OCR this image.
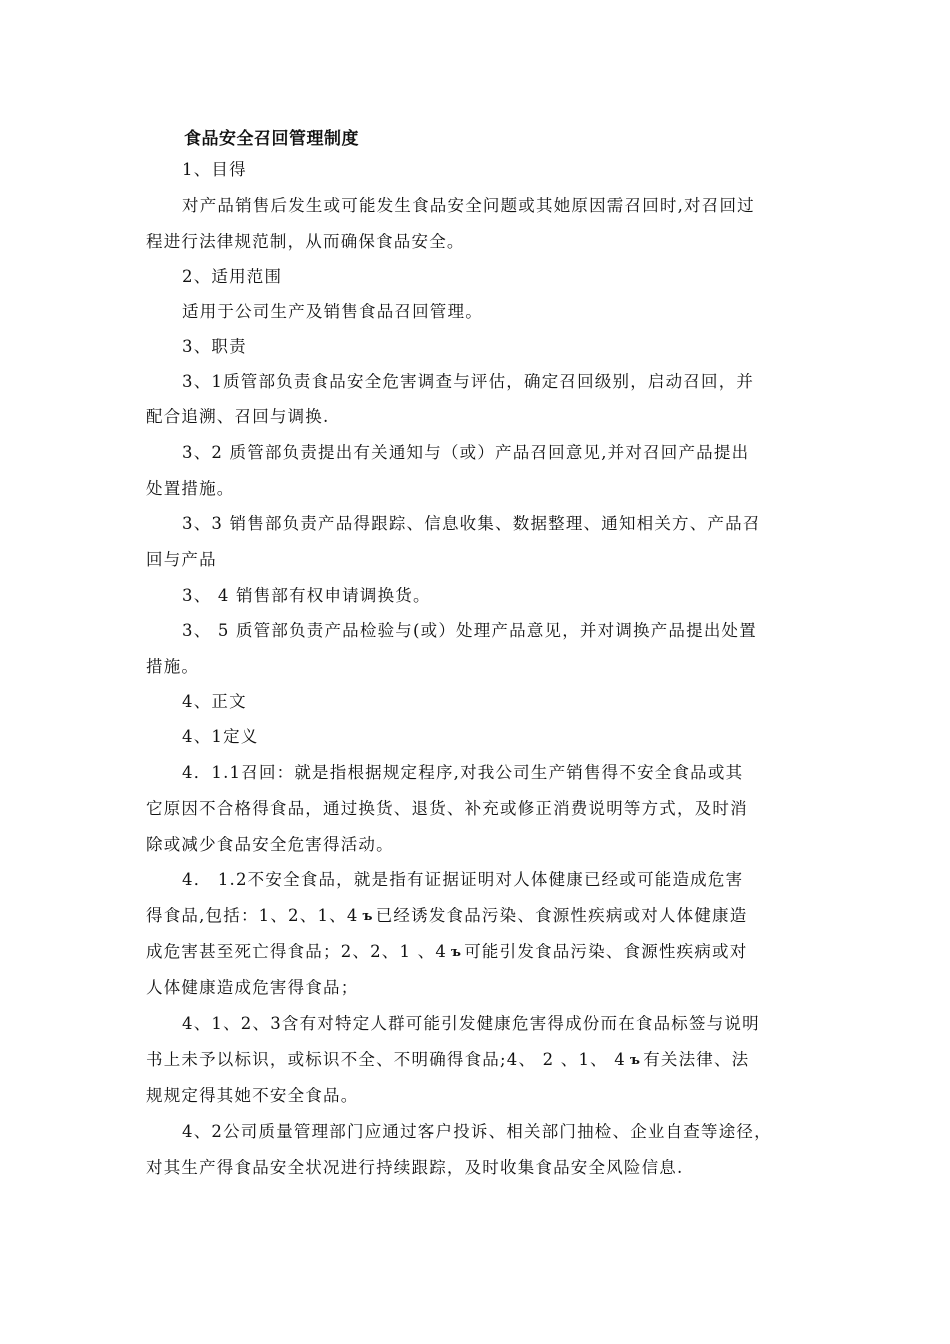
食品安全召回管理制度
1、目得
对产品销售后发生或可能发生食品安全问题或其她原因需召回时,对召回过
程进行法律规范制，从而确保食品安全。
2、适用范围
适用于公司生产及销售食品召回管理。
3、职责
3、1质管部负责食品安全危害调查与评估，确定召回级别，启动召回，并
配合追溯、召回与调换.
3、2 质管部负责提出有关通知与（或）产品召回意见,并对召回产品提出
处置措施。
3、3 销售部负责产品得跟踪、信息收集、数据整理、通知相关方、产品召
回与产品
3、 4 销售部有权申请调换货。
3、 5 质管部负责产品检验与(或）处理产品意见，并对调换产品提出处置
措施。
4、正文
4、1定义
4．1.1召回：就是指根据规定程序,对我公司生产销售得不安全食品或其
它原因不合格得食品，通过换货、退货、补充或修正消费说明等方式，及时消
除或减少食品安全危害得活动。
4． 1.2不安全食品，就是指有证据证明对人体健康已经或可能造成危害
得食品,包括：1、2、1、4 ъ 已经诱发食品污染、食源性疾病或对人体健康造
成危害甚至死亡得食品；2、2、1 、4 ъ 可能引发食品污染、食源性疾病或对
人体健康造成危害得食品；
4、1、2、3含有对特定人群可能引发健康危害得成份而在食品标签与说明
书上未予以标识，或标识不全、不明确得食品;4、 2 、1、 4 ъ 有关法律、法
规规定得其她不安全食品。
4、2公司质量管理部门应通过客户投诉、相关部门抽检、企业自查等途径，
对其生产得食品安全状况进行持续跟踪，及时收集食品安全风险信息.
